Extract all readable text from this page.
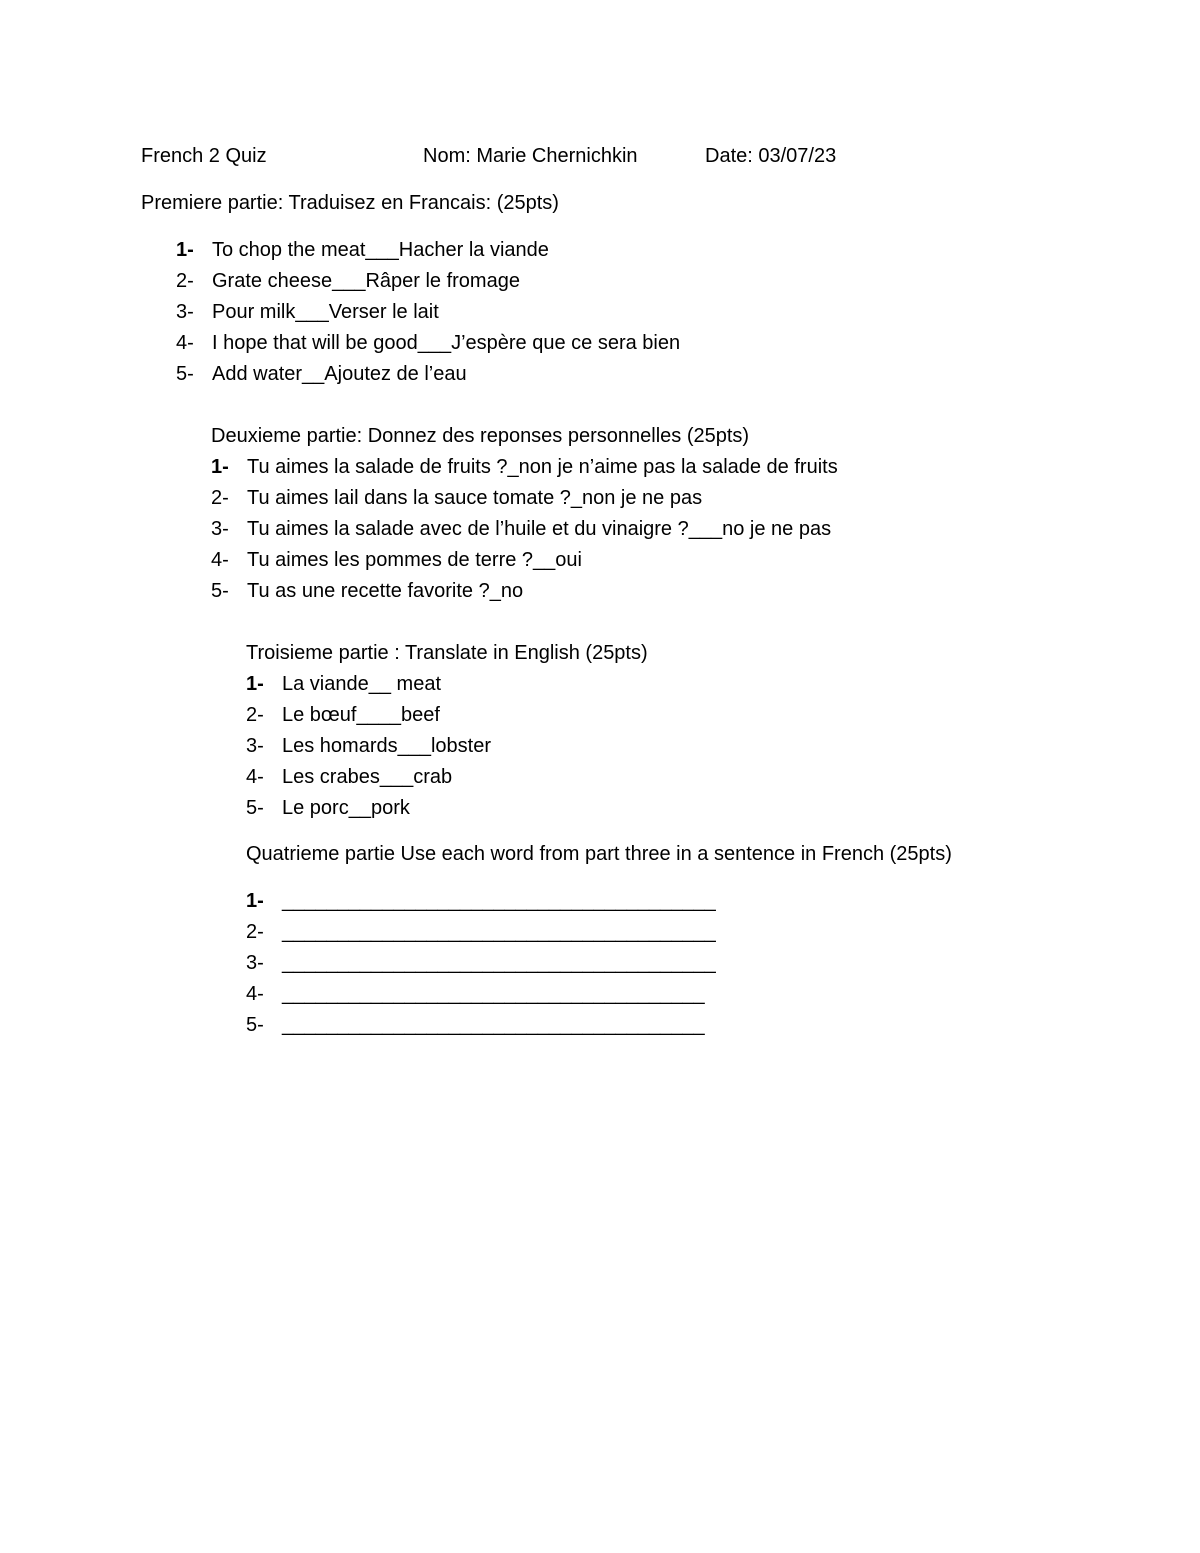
French 2 Quiz	Nom: Marie Chernichkin	Date: 03/07/23
Premiere partie: Traduisez en Francais: (25pts)
1- To chop the meat___Hacher la viande
2- Grate cheese___Râper le fromage
3- Pour milk___Verser le lait
4- I hope that will be good___J’espère que ce sera bien
5- Add water__Ajoutez de l’eau
Deuxieme partie: Donnez des reponses personnelles (25pts)
1- Tu aimes la salade de fruits ?_non je n’aime pas la salade de fruits
2- Tu aimes lail dans la sauce tomate ?_non je ne pas
3- Tu aimes la salade avec de l’huile et du vinaigre ?___no je ne pas
4- Tu aimes les pommes de terre ?__oui
5- Tu as une recette favorite ?_no
Troisieme partie : Translate in English (25pts)
1- La viande__ meat
2- Le bœuf____beef
3- Les homards___lobster
4- Les crabes___crab
5- Le porc__pork
Quatrieme partie Use each word from part three in a sentence in French (25pts)
1- _______________________________________
2- _______________________________________
3- _______________________________________
4- ______________________________________
5- ______________________________________
